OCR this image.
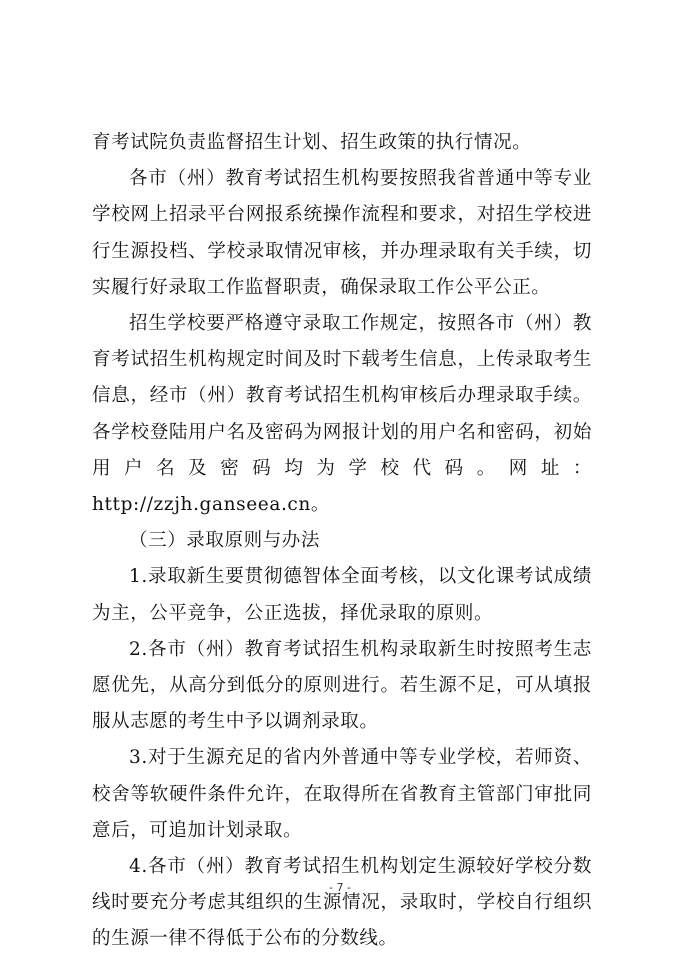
育考试院负责监督招生计划、招生政策的执行情况。

各市（州）教育考试招生机构要按照我省普通中等专业学校网上招录平台网报系统操作流程和要求，对招生学校进行生源投档、学校录取情况审核，并办理录取有关手续，切实履行好录取工作监督职责，确保录取工作公平公正。

招生学校要严格遵守录取工作规定，按照各市（州）教育考试招生机构规定时间及时下载考生信息，上传录取考生信息，经市（州）教育考试招生机构审核后办理录取手续。各学校登陆用户名及密码为网报计划的用户名和密码，初始用户名及密码均为学校代码。网址：http://zzjh.ganseea.cn。

（三）录取原则与办法

1.录取新生要贯彻德智体全面考核，以文化课考试成绩为主，公平竞争，公正选拔，择优录取的原则。

2.各市（州）教育考试招生机构录取新生时按照考生志愿优先，从高分到低分的原则进行。若生源不足，可从填报服从志愿的考生中予以调剂录取。

3.对于生源充足的省内外普通中等专业学校，若师资、校舍等软硬件条件允许，在取得所在省教育主管部门审批同意后，可追加计划录取。

4.各市（州）教育考试招生机构划定生源较好学校分数线时要充分考虑其组织的生源情况，录取时，学校自行组织的生源一律不得低于公布的分数线。

- 7 -
